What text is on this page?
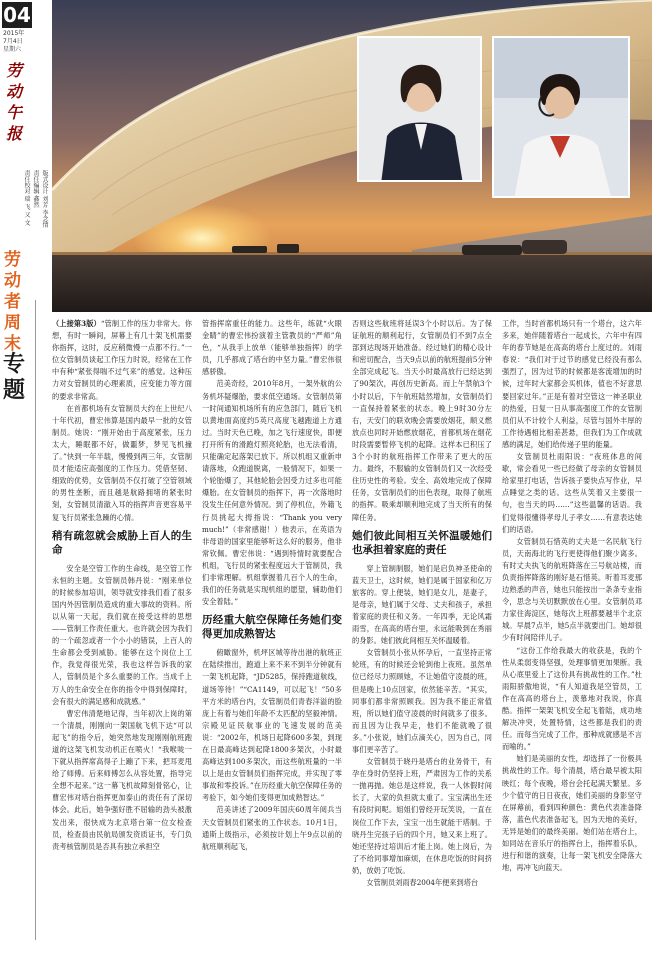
04
2015年
7月4日
星期六
劳动午报
版式设计 刘芳 李念情
责任编辑 鑫然
责任校对 瑞 飞 又 文
劳动者周末
专题

（上接第3版）“管制工作的压力非常大。你想，有时一瞬间，屏幕上有几十架飞机需要你指挥，这时，反应稍微慢一点都不行。”一位女管制员谈起工作压力时说，经常在工作中有种“紧张得喘不过气来”的感觉。这种压力对女管制员的心理素质，应变能力等方面的要求非常高。

在首都机场有女管制员大约在上世纪八十年代初，曹宏伟算是国内最早一批的女管制员。她说：“刚开始由于高度紧张，压力太大，睡眠都不好，做噩梦，梦见飞机撞了。”快到一年半载，慢慢到两三年，女管制员才能适应高强度的工作压力。凭借坚韧、细致的优势，女管制员不仅打破了空管领域的男性垄断，而且越是航路拥堵的紧张时刻，女管制员清澈入耳的指挥声音更容易平复飞行员紧张急躁的心情。

稍有疏忽就会威胁上百人的生命

安全是空管工作的生命线，是空管工作永恒的主题。女管制员韩丹说：“刚来单位的时候参加培训，领导就安排我们看了很多国内外因管制员造成的重大事故的资料。所以从第一天起，我们就在接受这样的思想——管制工作责任重大。也许就会因为我们的一个疏忽或者一个小小的错误，上百人的生命都会受到威胁。能够在这个岗位上工作，我觉得很光荣，我也这样告诉我的家人，管制员是个多么重要的工作。当成千上万人的生命安全在你的指令中得到保障时，会有很大的满足感和成就感。”

曹宏伟清楚地记得，当年初次上岗的第一个清晨，刚刚向一架国航飞机下达“可以起飞”的指令后，她突然地发现刚刚航班跑道的这架飞机发动机正在喷火！“我喉咙一下就从指挥席高得子上蹦了下来，把耳麦甩给了师傅。后来师傅怎么从容处置，指导完全想不起来。”这一幕飞机故障刻骨铭心，让曹宏伟对塔台指挥更加泰山的责任有了深切体会。此后，她争强好胜不屈输的劲头被激发出来，很快成为北京塔台第一位女检查员，检查員由民航局颁发资质证书，专门负责考核管制员是否具有独立承担空

管指挥席重任的能力。这些年，练就“火眼金睛”的曹宏伟扮演着主管教员的“严师”角色，“从我手上放单（能够单独指挥）的学员，几乎都成了塔台的中坚力量。”曹宏伟很感骄傲。

范美奇经，2010年8月，一架外航的公务机坏疑爆胎，要求低空通场。女管制员第一时间通知机场所有的应急部门，随后飞机以黄地面高度约5英尺高度飞越跑道上方通过。当时天色已晚，加之飞行速度快，即便打开所有的滑跑灯照亮轮胎，也无法看清，只能确定起落架已放下。所以机组又重新申请落地，众跑道脱离，一般情况下，如果一个轮胎爆了，其他轮胎会因受力过多也可能爆胎。在女管制员的指挥下，再一次落地时没发生任何意外情况。到了停机位，外籍飞行员挑起大拇指说：“Thank you very much!”（非常感谢！）他表示，在英语为非母语的国家里能够听这么好的服务，他非常钦佩。曹宏伟说：“遇到特情时就要配合机组，飞行员的紧张程度远大于管制员，我们非常理解。机组掌握着几百个人的生命，我们的任务就是实现机组的愿望，辅助他们安全着陆。”

历经重大航空保障任务她们变得更加成熟智达

俯瞰窗外，机坪区城等待出港的航班正在陆续推出，跑道上来不来不到半分钟就有一架飞机起降，“JD5285，保持跑道航线，道场等待！”“CA1149，可以起飞！”50多平方米的塔台内，女管制员们青春洋溢的脸庞上有着与她们年龄不太匹配的坚毅神情。宗殿见证民航事业的飞速发展的范美说：“2002年，机场日起降600多架，到现在日最高峰达到起降1800多架次，小时最高峰达到100多架次，而这些航班量的一半以上是由女管制员们指挥完成，并实现了零事故和零投诉。”在历经重大航空保障任务的考验下，如今她们变得更加成熟智达。”

范美讲述了2009年国庆60周年阅兵当天女管制员们紧张的工作状态。10月1日，通斯上级指示，必须按计划上午9点以前的航班顺利起飞，

否则这些航班将延误3个小时以后。为了保证航班的顺利起行，女管制员们不到7点全部到达现场开始准备。经过她们的精心设计和密切配合，当天9点以前的航班提前5分钟全部完成起飞。当天小时最高放行已经达到了90架次，再创历史新高。而上午禁航3个小时以后，下午航班陆然增加，女管制员们一直保持着紧张的状态。晚上9时30分左右，天安门的联欢晚会需要放烟花，顺义燃放点也同时开始燃放烟花，首都机场在烟花时段需要暂停飞机的起降。这样本已积压了3个小时的航班指挥工作带来了更大的压力。最终，不服输的女管制员们又一次经受住历史性的考验。安全、高效地完成了保障任务，女管制员们的出色表现，取得了航班的指挥。吸乘却顺利地完成了当天所有的保障任务。

她们彼此间相互关怀温暖她们也承担着家庭的责任

穿上管制制服，她们是启负神圣使命的蓝天卫士，这时候，她们是属于国家和亿万旅客的。穿上便装，她们是女儿，是妻子，是母亲，她们属于父母、丈夫和孩子，承担着家庭的责任和义务。一年四季，无论风霜雨雪，在高高的塔台里，永远能吸到在秀丽的身影。她们彼此间相互关怀温暖着。

女管制员小张从怀孕后，一直坚持正常轮班，有的时候还会轮到他上夜班。虽然单位已经尽力照顾她，不让她值守凌晨的班，但是晚上10点回家，依然能辛苦。“其实，同事们都非常照顾我。因为我不能正常值班，所以她们值守凌晨的时间就多了很多。而且因为让我早走，他们不能就晚了很多。”小张说，她们点滴关心，因为自己，同事们更辛苦了。

女管制员于晓丹是塔台的业务骨干，有孕在身时仍坚持上班，严肃因为工作的关系一抛再抛。她总是这样说，我一人休假时间长了，大家的负担就太重了。宝宝满出生还有段时间呢。姐姐们曾经开玩笑说，一直在岗位工作下去，宝宝一出生就能干塔制。于晓丹生完孩子后的四个月，她又来上班了。她还坚持过培训后才能上岗。她上岗后，为了不给同事增加麻烦，在休息吃饭的时间挤奶，放奶了吃饭。

女管制员刘雨春2004年便来到塔台

工作，当时首都机场只有一个塔台，这六年多来，她伴随着塔台一起成长，六年中有四年的春节她是在高高的塔台上度过的。刘雨春说：“我们对于过节的感觉已经没有那么强烈了，因为过节的时候都是客流增加的时候，过年时大家都会买机体，值也不好意思要回家过年。”正是有着对空管这一神圣职业的热爱，日复一日从事高强度工作的女管制员们从不计较个人利益，尽管与国外丰厚的工作待遇相比相差甚悬，但我们为工作成就感的满足，她们给传递子里的能量。

女管制员杜雨阳说：“夜班体息的间歇，常会看见一些已经做了母亲的女管制员给家里打电话，告诉孩子要快点写作业，早点睡觉之类的话。这些从笑着又主要很一句，也当天的吗……”这些温馨的话语。我们觉得很懂得孝母儿子孝女……有意表达她们的话语。

女管制员石惜英的丈夫是一名民航飞行员，天南海北的飞行更使得他们聚少离多。有时丈夫执飞的航班降落在三号航站楼，而负责指挥降落的刚好是石惜英。听着耳麦那边熟悉的声音，她也只能按出一条条专业指令，思念与关切默默放在心里。女管制员邓力家住海淀区，她每次上班都要越半个北京城。早晨7点半，她5点半就要出门。她却很少有时间陪伴儿子。

“这份工作给我最大的收获是，我的个性从柔弱变得坚强，处理事情更加果断。我从心底里爱上了这份具有挑战性的工作。”杜雨阳骄傲地说，“有人知道我是空管员，工作在高高的塔台上，羡慕地对我说，你真酷。指挥一架架飞机安全起飞着陆，成功地解决冲突，处置特情，这些都是我们的责任。而每当完成了工作，那种成就感是不言而喻的。”

她们是美丽的女性，却选择了一份极具挑战性的工作。每个清晨，塔台最早被太阳映红；每个夜晚，塔台会托起满天繁星。多少个值守的日日夜夜，她们美丽的身影坚守在屏幕前，看到四种颜色：黄色代表准备降落，蓝色代表准备起飞，因为天地的美好，无异是她们的最终美丽。她们站在塔台上，如同站在音乐厅的指挥台上，指挥着乐队，进行和谐的演奏，让每一架飞机安全降落大地，再冲飞向蓝天。
